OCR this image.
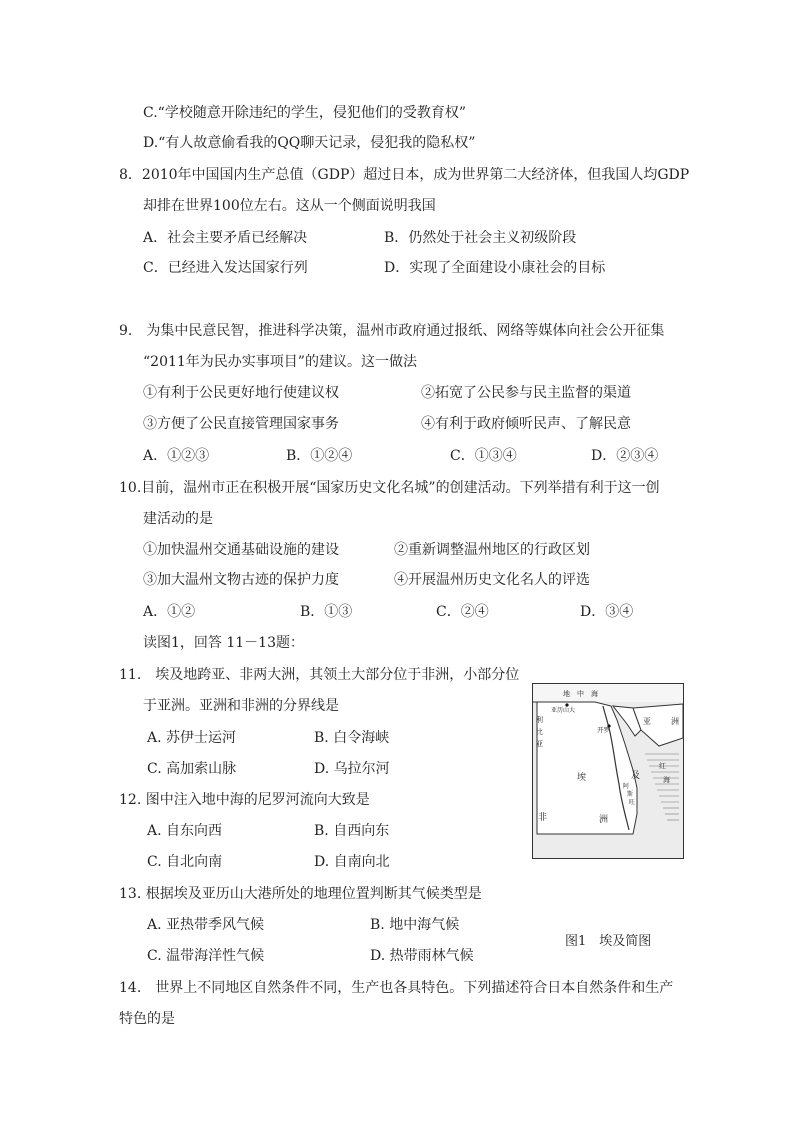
C.“学校随意开除违纪的学生，侵犯他们的受教育权”
D.“有人故意偷看我的QQ聊天记录，侵犯我的隐私权”
8．2010年中国国内生产总值（GDP）超过日本，成为世界第二大经济体，但我国人均GDP
却排在世界100位左右。这从一个侧面说明我国
A．社会主要矛盾已经解决	B．仍然处于社会主义初级阶段
C．已经进入发达国家行列	D．实现了全面建设小康社会的目标
9.　为集中民意民智，推进科学决策，温州市政府通过报纸、网络等媒体向社会公开征集
“2011年为民办实事项目”的建议。这一做法
①有利于公民更好地行使建议权	②拓宽了公民参与民主监督的渠道
③方便了公民直接管理国家事务	④有利于政府倾听民声、了解民意
A．①②③	B．①②④	C．①③④	D．②③④
10.目前，温州市正在积极开展“国家历史文化名城”的创建活动。下列举措有利于这一创
建活动的是
①加快温州交通基础设施的建设	②重新调整温州地区的行政区划
③加大温州文物古迹的保护力度	④开展温州历史文化名人的评选
A．①②	B．①③	C．②④	D．③④
读图1，回答 11－13题：
11.　埃及地跨亚、非两大洲，其领土大部分位于非洲，小部分位
于亚洲。亚洲和非洲的分界线是
A. 苏伊士运河	B. 白令海峡
C. 高加索山脉	D. 乌拉尔河
12. 图中注入地中海的尼罗河流向大致是
A. 自东向西	B. 自西向东
C. 自北向南	D. 自南向北
13. 根据埃及亚历山大港所处的地理位置判断其气候类型是
A. 亚热带季风气候	B. 地中海气候
C. 温带海洋性气候	D. 热带雨林气候
14.　世界上不同地区自然条件不同，生产也各具特色。下列描述符合日本自然条件和生产
特色的是
地　中　海
亚历山大
利
比
亚
开罗
亚	洲
红
海
埃	及
阿
斯
旺
非	洲
图1　埃及简图
